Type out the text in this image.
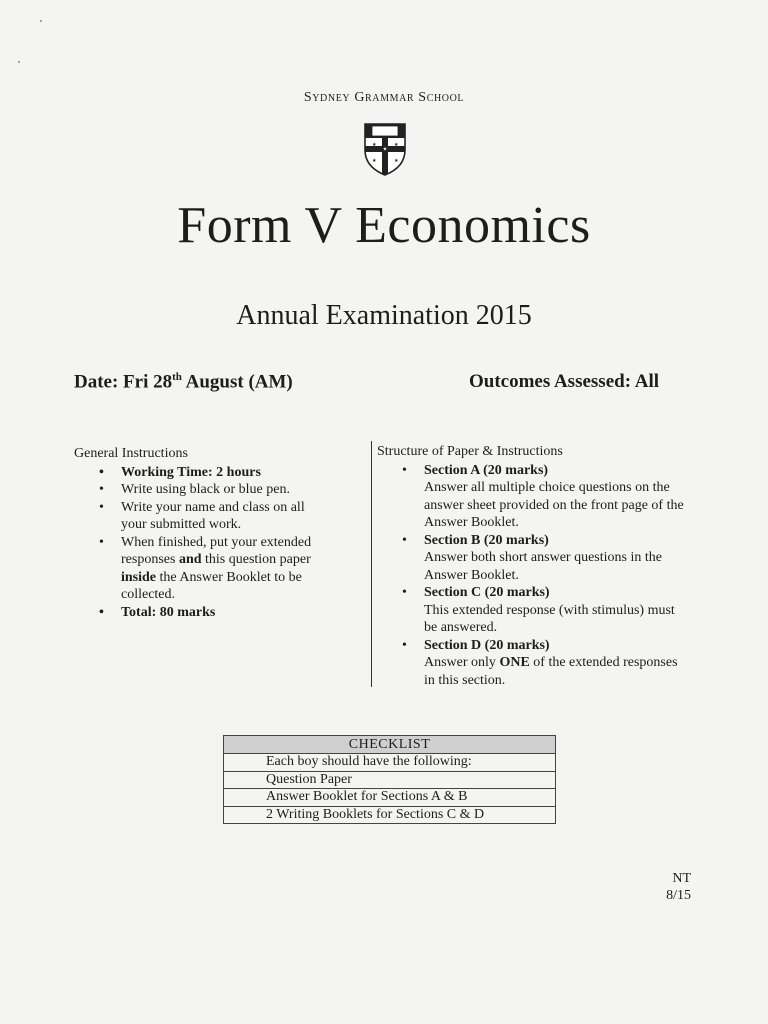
Sydney Grammar School
★	★
★	★
★
Form V Economics
Annual Examination 2015
Date: Fri 28th August (AM)	Outcomes Assessed: All
General Instructions
• Working Time: 2 hours
• Write using black or blue pen.
• Write your name and class on all your submitted work.
• When finished, put your extended responses and this question paper inside the Answer Booklet to be collected.
• Total: 80 marks
Structure of Paper & Instructions
• Section A (20 marks)
Answer all multiple choice questions on the answer sheet provided on the front page of the Answer Booklet.
• Section B (20 marks)
Answer both short answer questions in the Answer Booklet.
• Section C (20 marks)
This extended response (with stimulus) must be answered.
• Section D (20 marks)
Answer only ONE of the extended responses in this section.
CHECKLIST
Each boy should have the following:
Question Paper
Answer Booklet for Sections A & B
2 Writing Booklets for Sections C & D
NT
8/15
